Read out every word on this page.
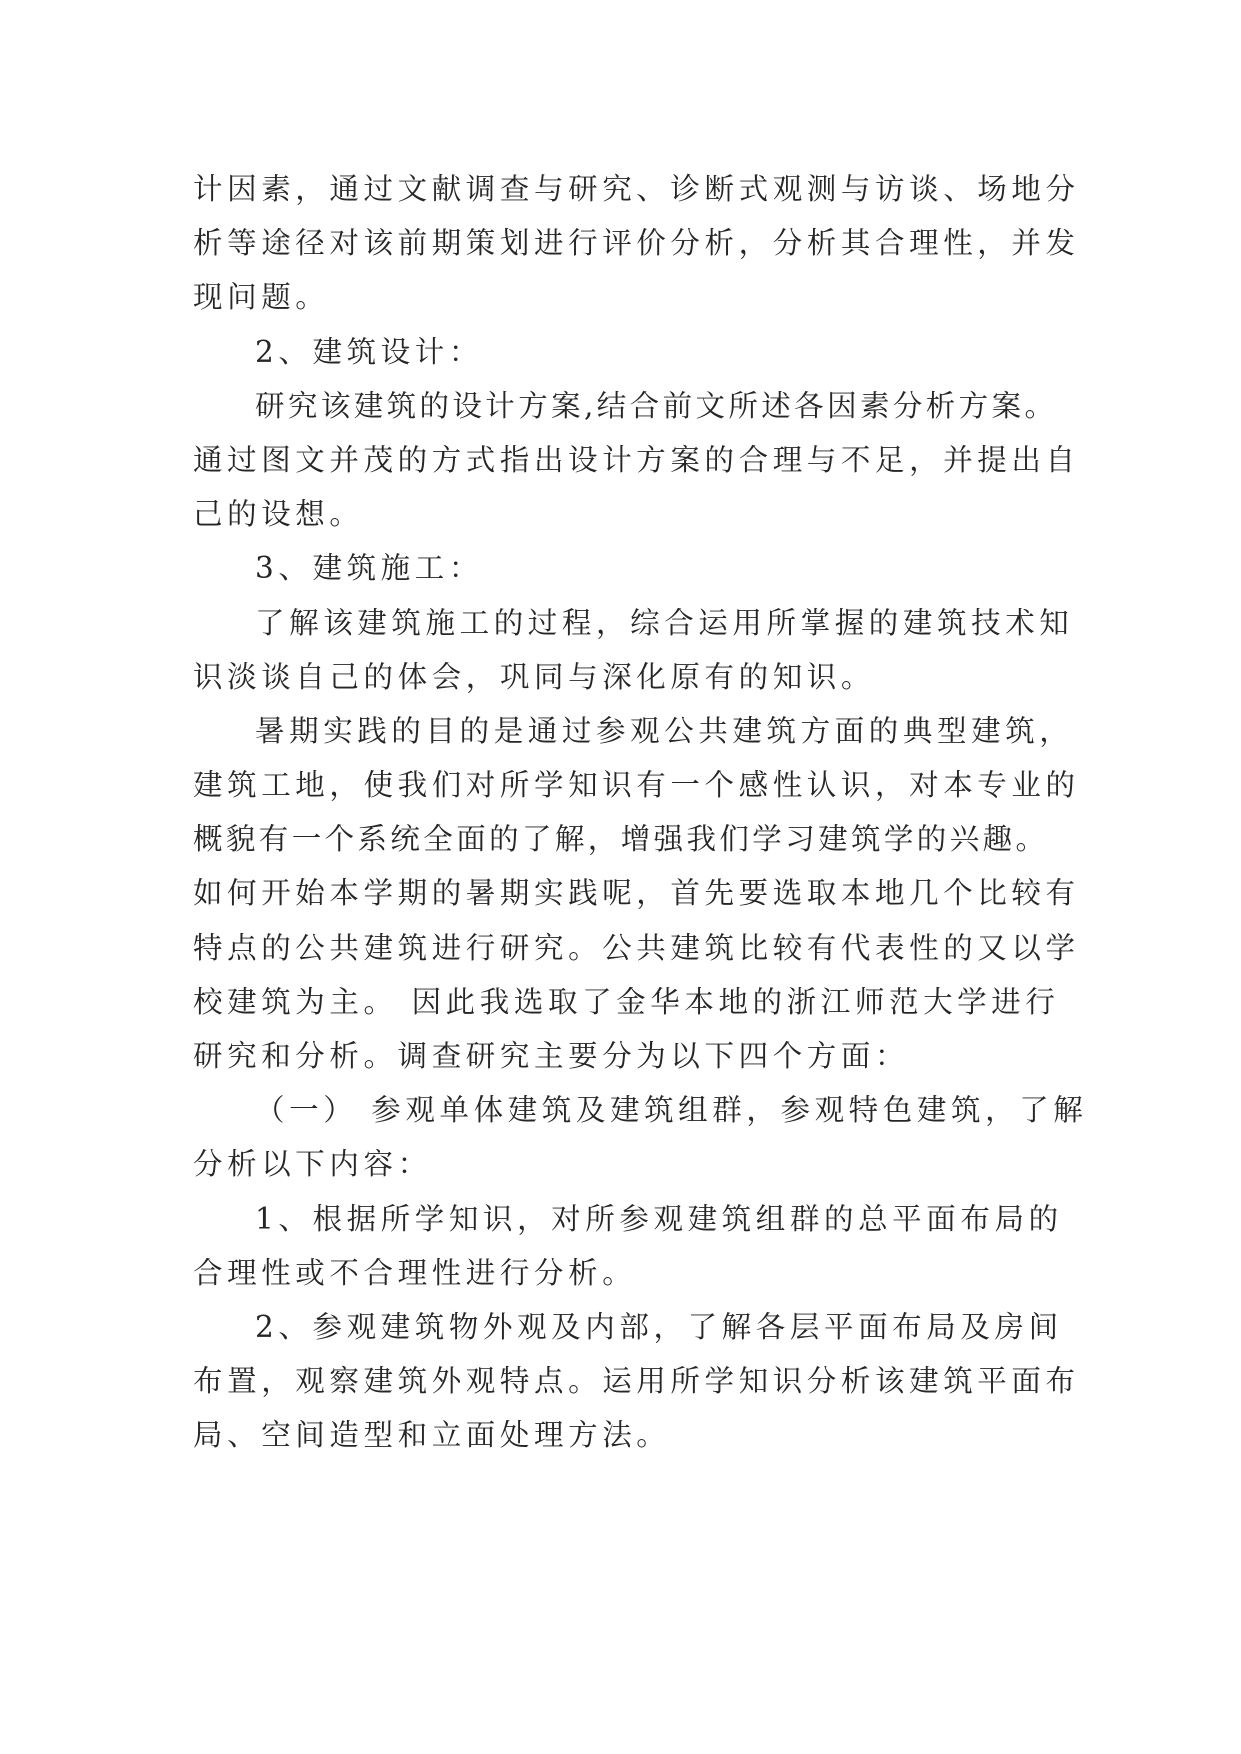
计因素，通过文献调查与研究、诊断式观测与访谈、场地分
析等途径对该前期策划进行评价分析，分析其合理性，并发
现问题。
2、建筑设计：
研究该建筑的设计方案,结合前文所述各因素分析方案。
通过图文并茂的方式指出设计方案的合理与不足，并提出自
己的设想。
3、建筑施工：
了解该建筑施工的过程，综合运用所掌握的建筑技术知
识淡谈自己的体会，巩同与深化原有的知识。
暑期实践的目的是通过参观公共建筑方面的典型建筑，
建筑工地，使我们对所学知识有一个感性认识，对本专业的
概貌有一个系统全面的了解，增强我们学习建筑学的兴趣。
如何开始本学期的暑期实践呢，首先要选取本地几个比较有
特点的公共建筑进行研究。公共建筑比较有代表性的又以学
校建筑为主。 因此我选取了金华本地的浙江师范大学进行
研究和分析。调查研究主要分为以下四个方面：
（一） 参观单体建筑及建筑组群，参观特色建筑，了解
分析以下内容：
1、根据所学知识，对所参观建筑组群的总平面布局的
合理性或不合理性进行分析。
2、参观建筑物外观及内部，了解各层平面布局及房间
布置，观察建筑外观特点。运用所学知识分析该建筑平面布
局、空间造型和立面处理方法。
